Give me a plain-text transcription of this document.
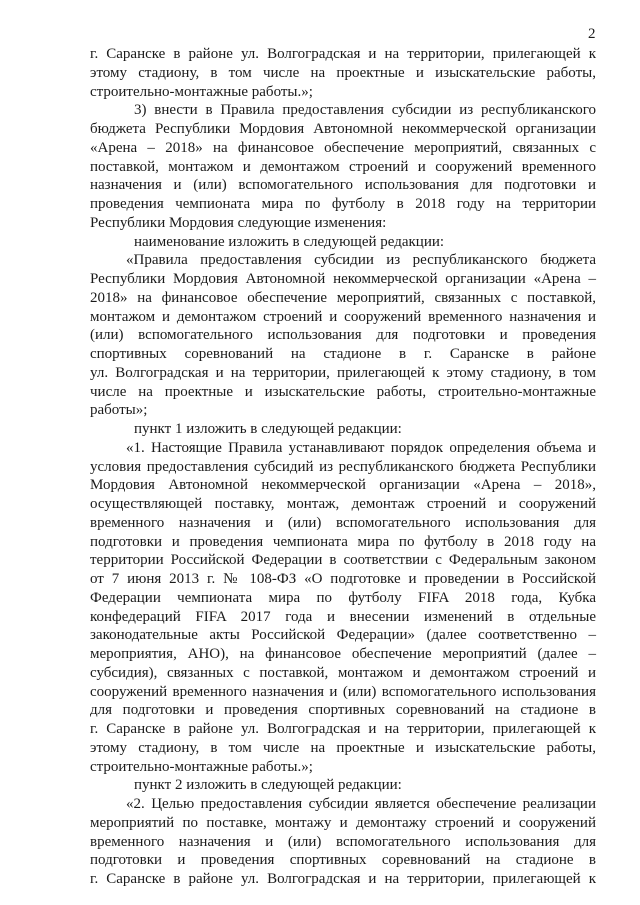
2
г. Саранске в районе ул. Волгоградская и на территории, прилегающей к
этому стадиону, в том числе на проектные и изыскательские работы,
строительно-монтажные работы.»;
3) внести в Правила предоставления субсидии из республиканского
бюджета Республики Мордовия Автономной некоммерческой организации
«Арена – 2018» на финансовое обеспечение мероприятий, связанных с
поставкой, монтажом и демонтажом строений и сооружений временного
назначения и (или) вспомогательного использования для подготовки и
проведения чемпионата мира по футболу в 2018 году на территории
Республики Мордовия следующие изменения:
наименование изложить в следующей редакции:
«Правила предоставления субсидии из республиканского бюджета
Республики Мордовия Автономной некоммерческой организации «Арена –
2018» на финансовое обеспечение мероприятий, связанных с поставкой,
монтажом и демонтажом строений и сооружений временного назначения и
(или) вспомогательного использования для подготовки и проведения
спортивных соревнований на стадионе в г. Саранске в районе
ул. Волгоградская и на территории, прилегающей к этому стадиону, в том
числе на проектные и изыскательские работы, строительно-монтажные
работы»;
пункт 1 изложить в следующей редакции:
«1. Настоящие Правила устанавливают порядок определения объема и
условия предоставления субсидий из республиканского бюджета Республики
Мордовия Автономной некоммерческой организации «Арена – 2018»,
осуществляющей поставку, монтаж, демонтаж строений и сооружений
временного назначения и (или) вспомогательного использования для
подготовки и проведения чемпионата мира по футболу в 2018 году на
территории Российской Федерации в соответствии с Федеральным законом
от 7 июня 2013 г. № 108-ФЗ «О подготовке и проведении в Российской
Федерации чемпионата мира по футболу FIFA 2018 года, Кубка
конфедераций FIFA 2017 года и внесении изменений в отдельные
законодательные акты Российской Федерации» (далее соответственно –
мероприятия, АНО), на финансовое обеспечение мероприятий (далее –
субсидия), связанных с поставкой, монтажом и демонтажом строений и
сооружений временного назначения и (или) вспомогательного использования
для подготовки и проведения спортивных соревнований на стадионе в
г. Саранске в районе ул. Волгоградская и на территории, прилегающей к
этому стадиону, в том числе на проектные и изыскательские работы,
строительно-монтажные работы.»;
пункт 2 изложить в следующей редакции:
«2. Целью предоставления субсидии является обеспечение реализации
мероприятий по поставке, монтажу и демонтажу строений и сооружений
временного назначения и (или) вспомогательного использования для
подготовки и проведения спортивных соревнований на стадионе в
г. Саранске в районе ул. Волгоградская и на территории, прилегающей к
